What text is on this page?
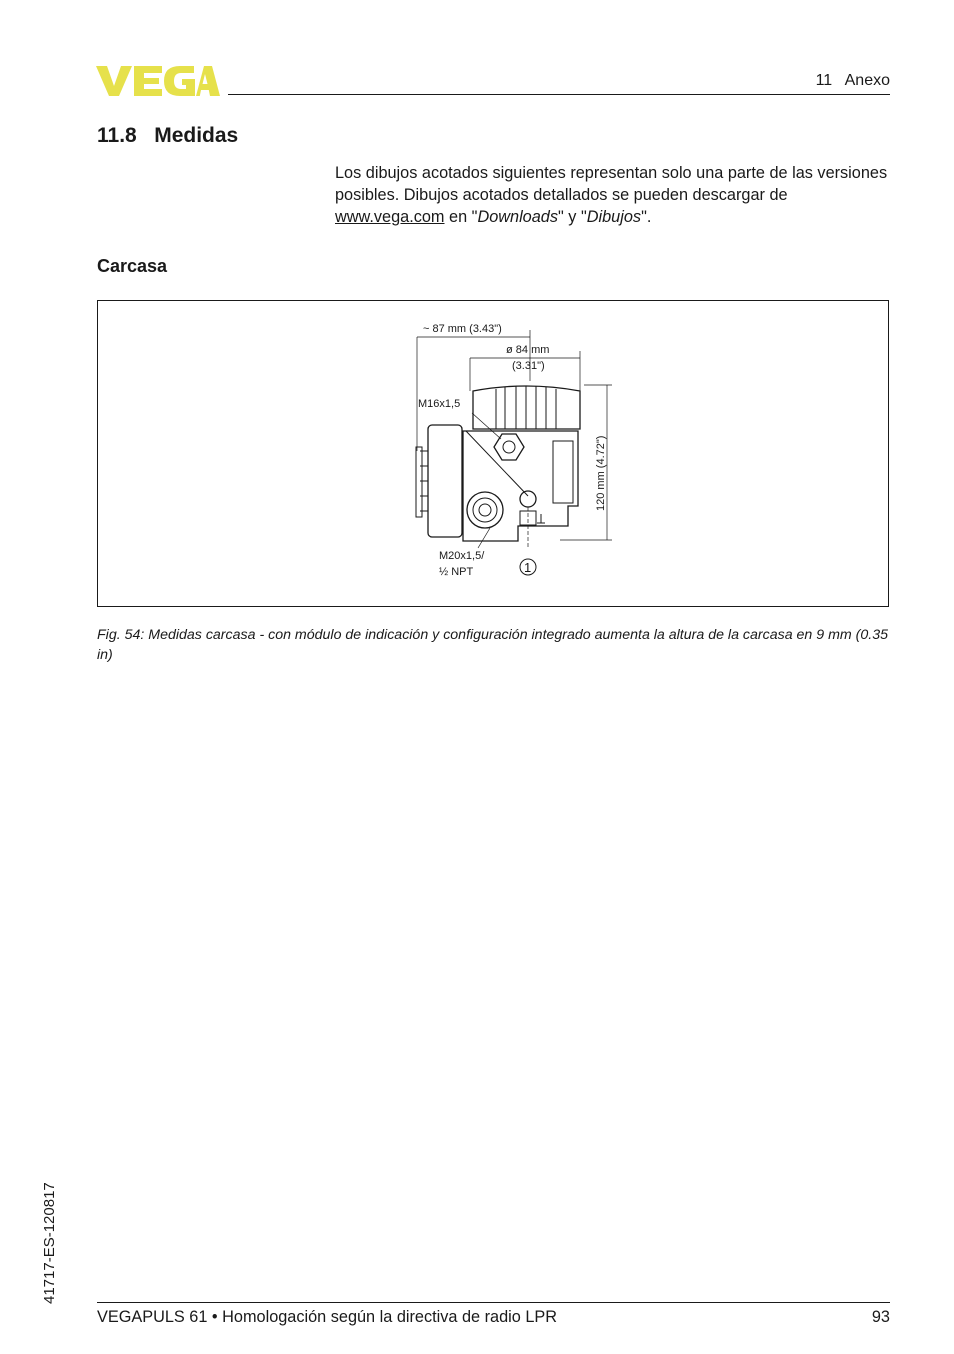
11   Anexo
11.8   Medidas
Los dibujos acotados siguientes representan solo una parte de las versiones posibles. Dibujos acotados detallados se pueden descargar de www.vega.com en "Downloads" y "Dibujos".
Carcasa
~ 87 mm (3.43")
ø 84 mm
(3.31")
M16x1,5
120 mm (4.72")
M20x1,5/
½ NPT	1
Fig. 54: Medidas carcasa - con módulo de indicación y configuración integrado aumenta la altura de la carcasa en 9 mm (0.35 in)
41717-ES-120817
VEGAPULS 61 • Homologación según la directiva de radio LPR	93
